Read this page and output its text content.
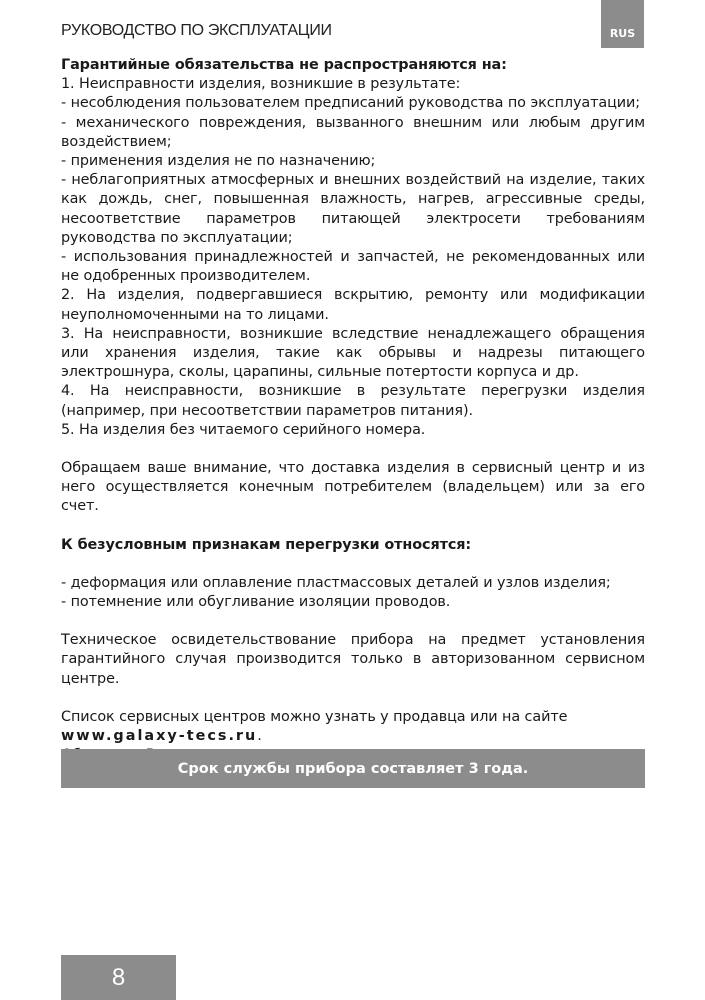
РУКОВОДСТВО ПО ЭКСПЛУАТАЦИИ	RUS

Гарантийные обязательства не распространяются на:

1. Неисправности изделия, возникшие в результате:

- несоблюдения пользователем предписаний руководства по эксплуатации;

- механического повреждения, вызванного внешним или любым другим воздействием;

- применения изделия не по назначению;

- неблагоприятных атмосферных и внешних воздействий на изделие, таких как дождь, снег, повышенная влажность, нагрев, агрессивные среды, несоответствие параметров питающей электросети требованиям руководства по эксплуатации;

- использования принадлежностей и запчастей, не рекомендованных или не одобренных производителем.

2. На изделия, подвергавшиеся вскрытию, ремонту или модификации неуполномоченными на то лицами.

3. На неисправности, возникшие вследствие ненадлежащего обращения или хранения изделия, такие как обрывы и надрезы питающего электрошнура, сколы, царапины, сильные потертости корпуса и др.

4. На неисправности, возникшие в результате перегрузки изделия (например, при несоответствии параметров питания).

5. На изделия без читаемого серийного номера.

Обращаем ваше внимание, что доставка изделия в сервисный центр и из него осуществляется конечным потребителем (владельцем) или за его счет.

К безусловным признакам перегрузки относятся:

- деформация или оплавление пластмассовых деталей и узлов изделия;

- потемнение или обугливание изоляции проводов.

Техническое освидетельствование прибора на предмет установления гарантийного случая производится только в авторизованном сервисном центре.

Список сервисных центров можно узнать у продавца или на сайте

www.galaxy-tecs.ru.

Срок службы прибора составляет 3 года.
8
